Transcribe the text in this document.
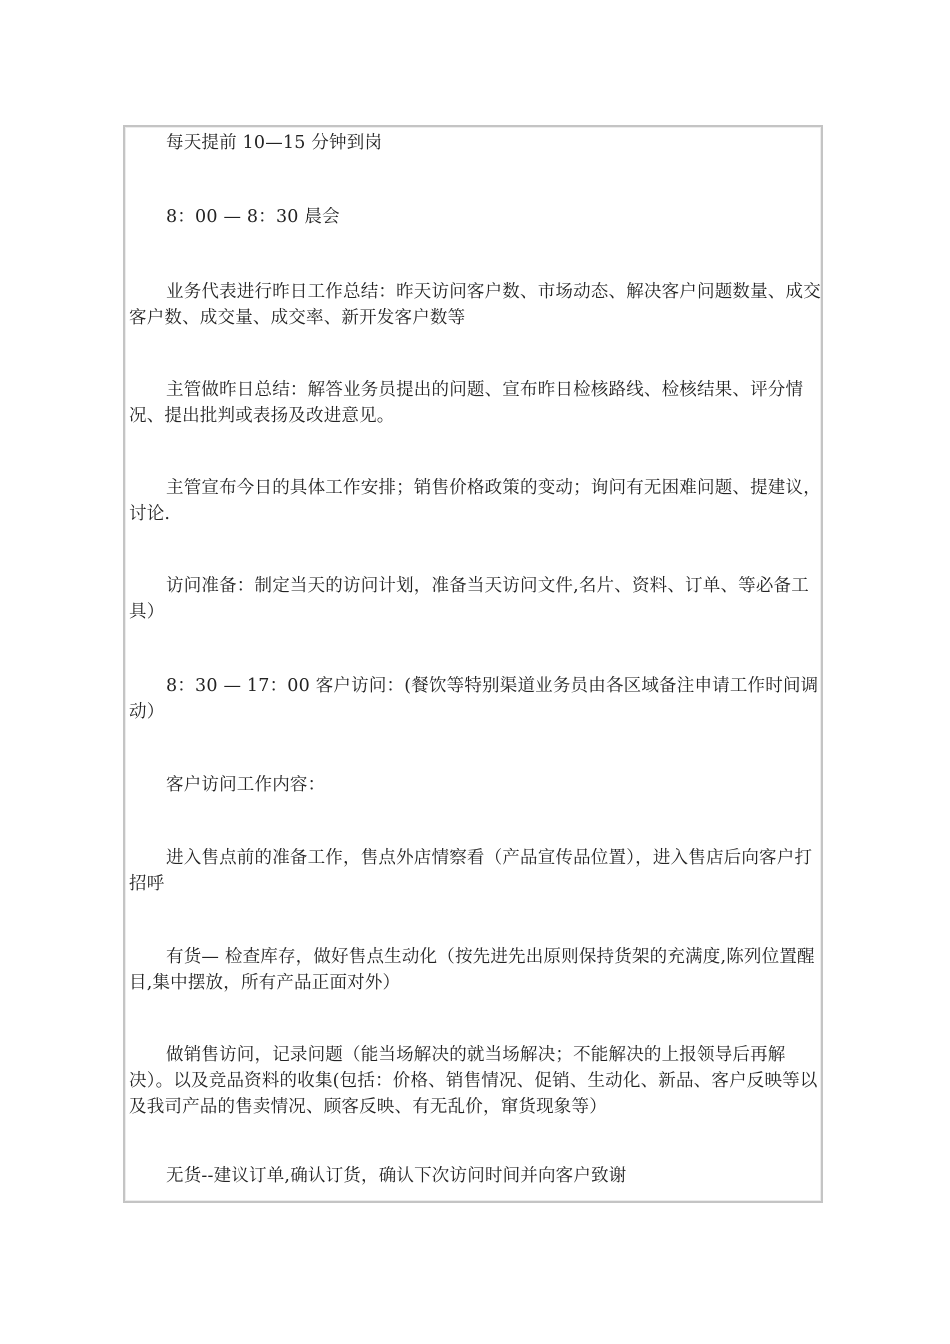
每天提前 10—15 分钟到岗

8：00 — 8：30 晨会

业务代表进行昨日工作总结：昨天访问客户数、市场动态、解决客户问题数量、成交客户数、成交量、成交率、新开发客户数等

主管做昨日总结：解答业务员提出的问题、宣布昨日检核路线、检核结果、评分情况、提出批判或表扬及改进意见。

主管宣布今日的具体工作安排；销售价格政策的变动；询问有无困难问题、提建议，讨论.

访问准备：制定当天的访问计划，准备当天访问文件,名片、资料、订单、等必备工具）

8：30 — 17：00 客户访问：(餐饮等特别渠道业务员由各区域备注申请工作时间调动）

客户访问工作内容：

进入售点前的准备工作，售点外店情察看（产品宣传品位置），进入售店后向客户打招呼

有货— 检查库存，做好售点生动化（按先进先出原则保持货架的充满度,陈列位置醒目,集中摆放，所有产品正面对外）

做销售访问，记录问题（能当场解决的就当场解决；不能解决的上报领导后再解决）。以及竞品资料的收集(包括：价格、销售情况、促销、生动化、新品、客户反映等以及我司产品的售卖情况、顾客反映、有无乱价，窜货现象等）

无货--建议订单,确认订货，确认下次访问时间并向客户致谢
